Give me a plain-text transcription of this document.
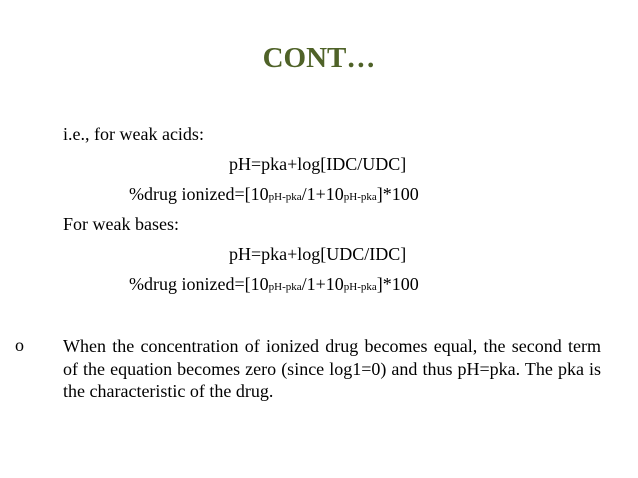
CONT…
i.e., for weak acids:
pH=pka+log[IDC/UDC]
%drug ionized=[10pH-pka/1+10pH-pka]*100
For weak bases:
pH=pka+log[UDC/IDC]
%drug ionized=[10pH-pka/1+10pH-pka]*100
o When the concentration of ionized drug becomes equal, the second term of the equation becomes zero (since log1=0) and thus pH=pka. The pka is the characteristic of the drug.
